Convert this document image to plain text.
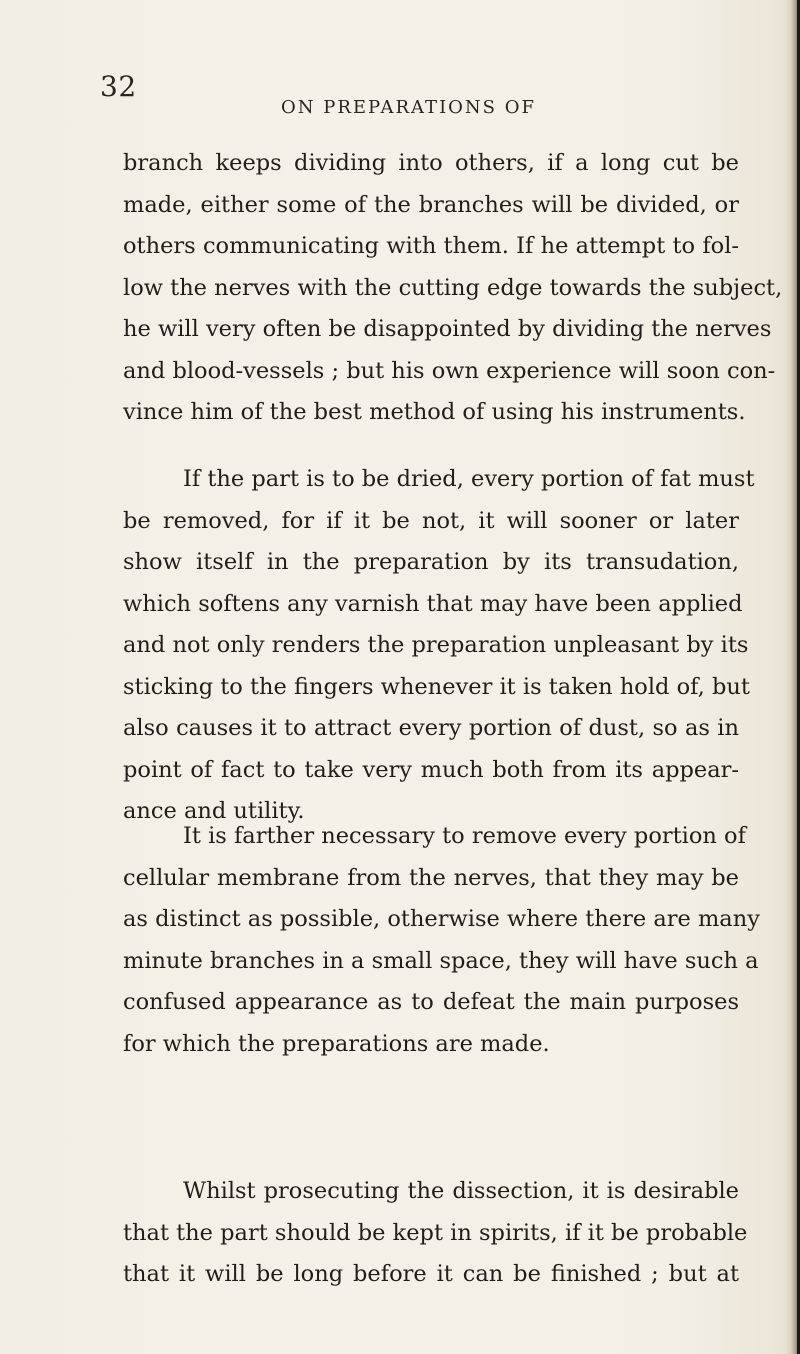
32
ON PREPARATIONS OF
branch keeps dividing into others, if a long cut be
made, either some of the branches will be divided, or
others communicating with them. If he attempt to fol-
low the nerves with the cutting edge towards the subject,
he will very often be disappointed by dividing the nerves
and blood-vessels ; but his own experience will soon con-
vince him of the best method of using his instruments.
If the part is to be dried, every portion of fat must
be removed, for if it be not, it will sooner or later
show itself in the preparation by its transudation,
which softens any varnish that may have been applied
and not only renders the preparation unpleasant by its
sticking to the fingers whenever it is taken hold of, but
also causes it to attract every portion of dust, so as in
point of fact to take very much both from its appear-
ance and utility.
It is farther necessary to remove every portion of
cellular membrane from the nerves, that they may be
as distinct as possible, otherwise where there are many
minute branches in a small space, they will have such a
confused appearance as to defeat the main purposes
for which the preparations are made.
Whilst prosecuting the dissection, it is desirable
that the part should be kept in spirits, if it be probable
that it will be long before it can be finished ; but at
